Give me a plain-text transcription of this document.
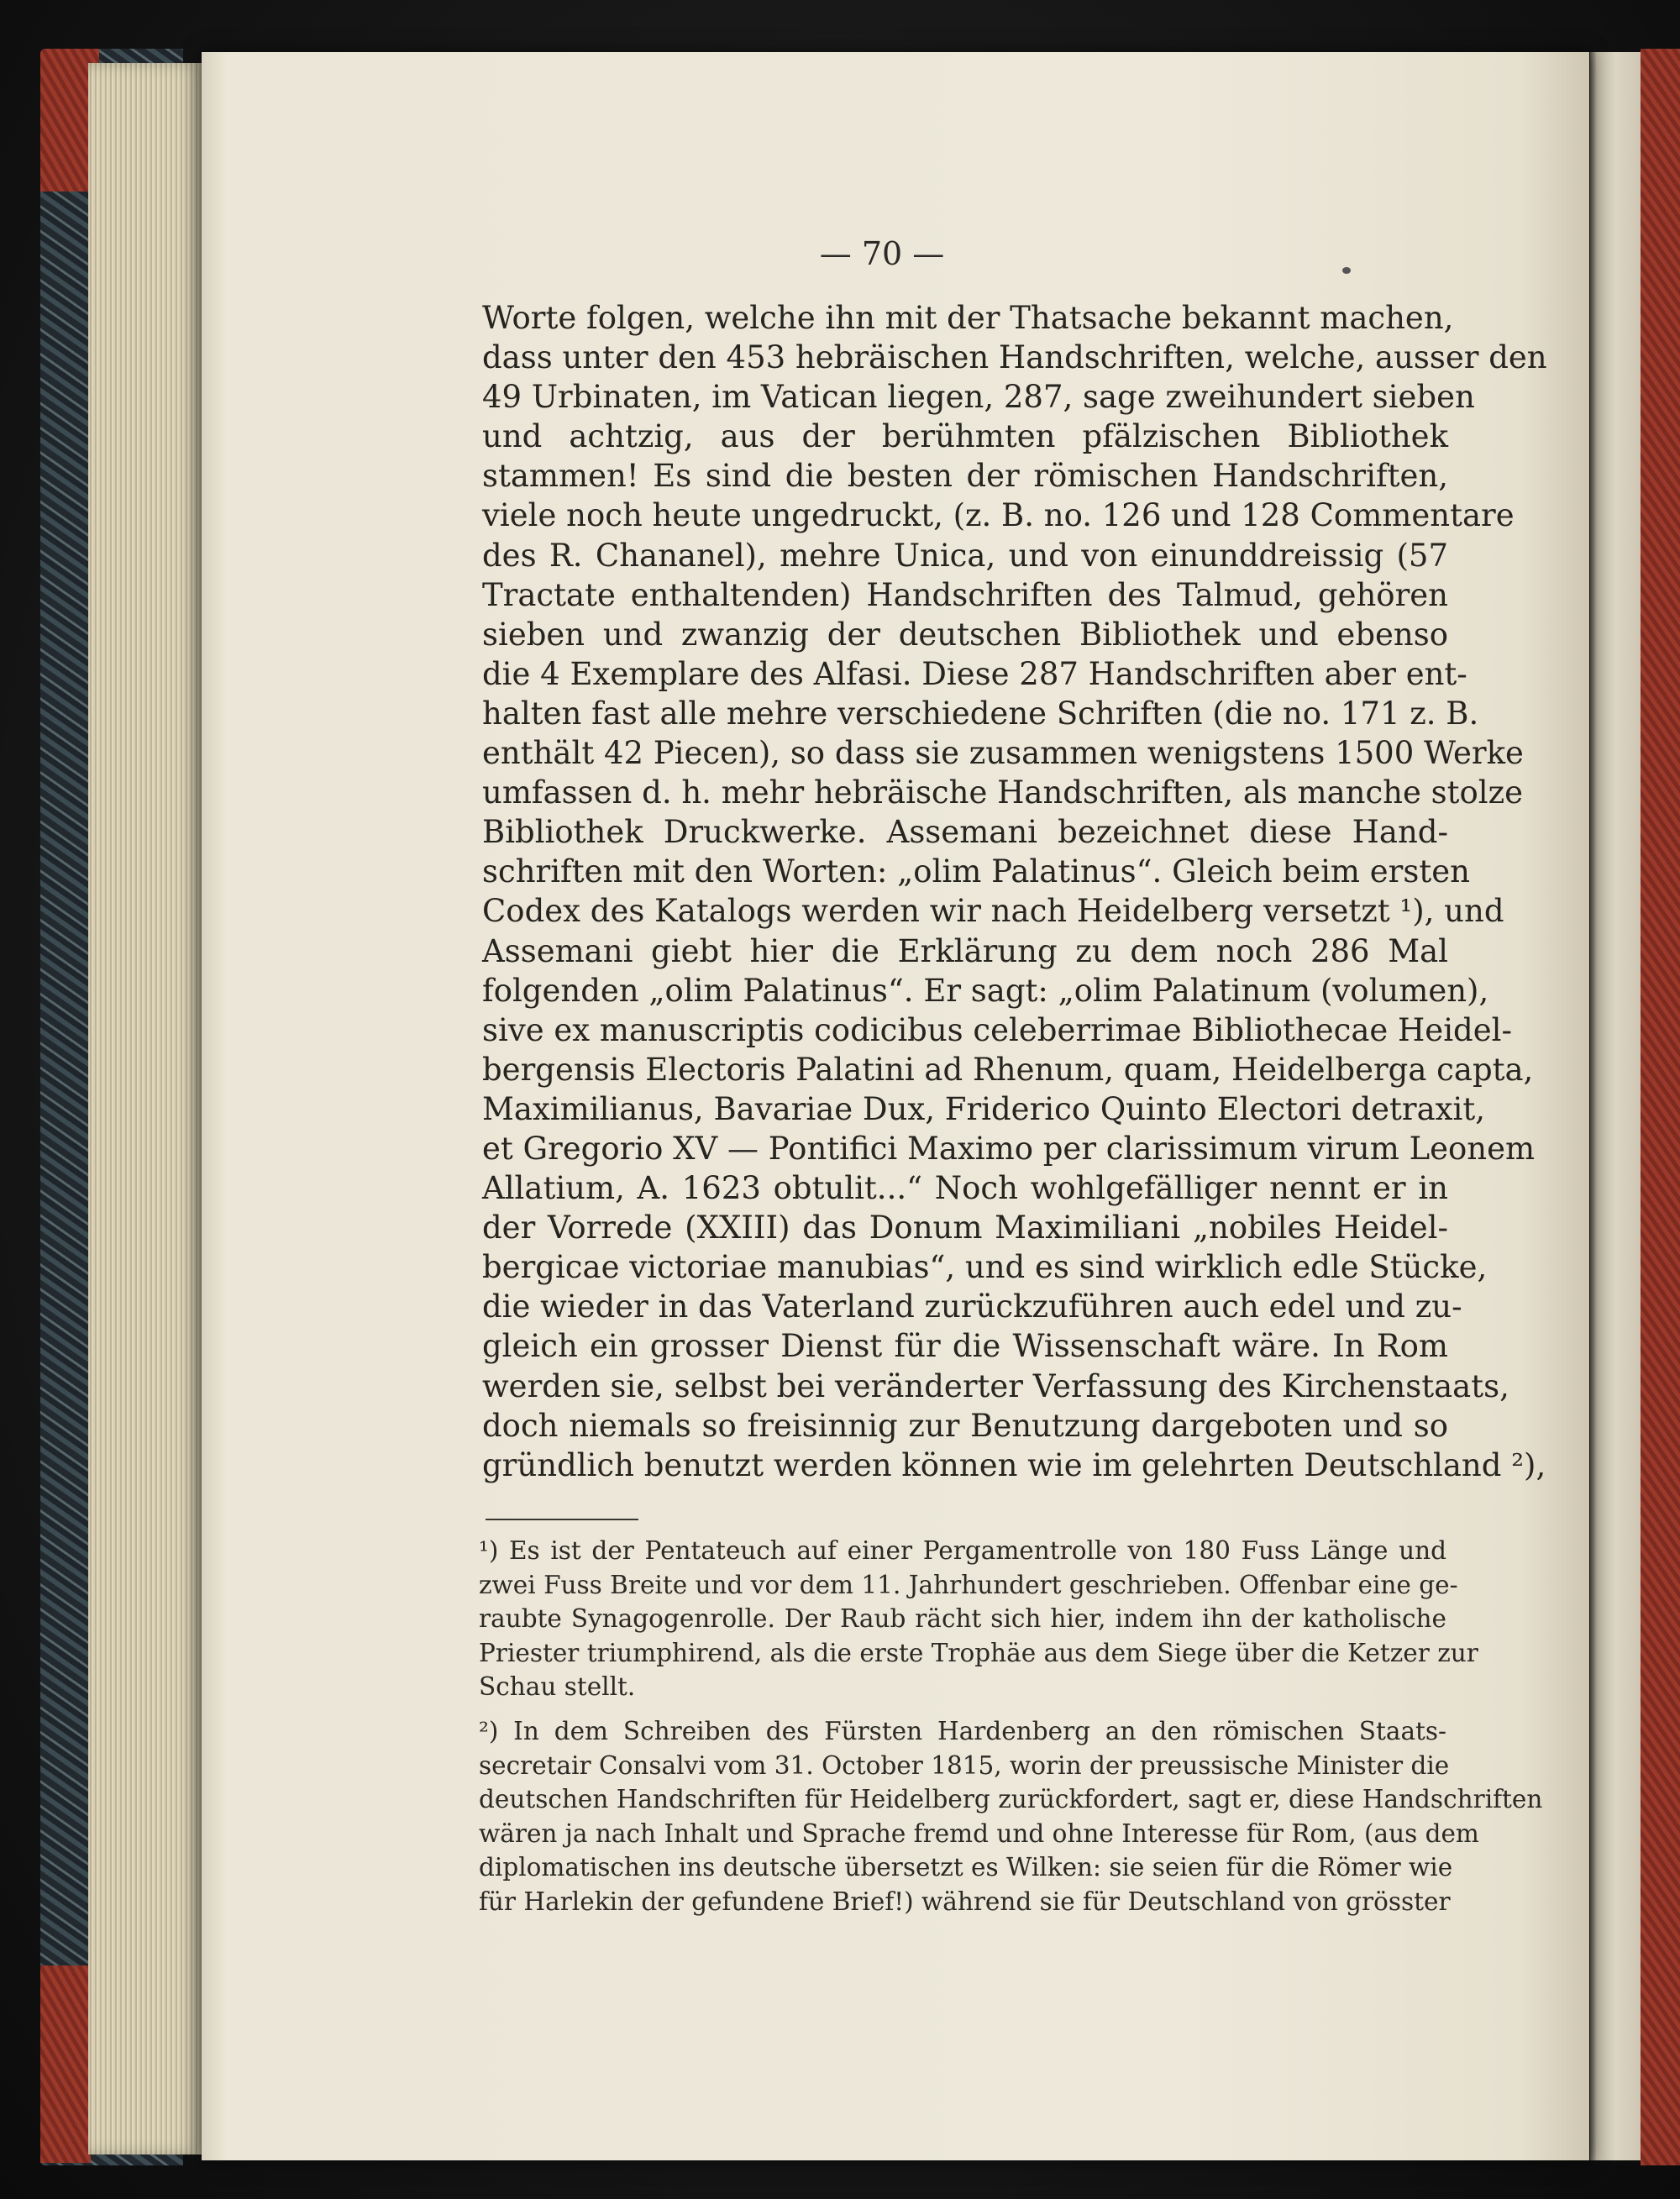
— 70 —
Worte folgen, welche ihn mit der Thatsache bekannt machen,
dass unter den 453 hebräischen Handschriften, welche, ausser den
49 Urbinaten, im Vatican liegen, 287, sage zweihundert sieben
und achtzig, aus der berühmten pfälzischen Bibliothek
stammen! Es sind die besten der römischen Handschriften,
viele noch heute ungedruckt, (z. B. no. 126 und 128 Commentare
des R. Chananel), mehre Unica, und von einunddreissig (57
Tractate enthaltenden) Handschriften des Talmud, gehören
sieben und zwanzig der deutschen Bibliothek und ebenso
die 4 Exemplare des Alfasi. Diese 287 Handschriften aber ent-
halten fast alle mehre verschiedene Schriften (die no. 171 z. B.
enthält 42 Piecen), so dass sie zusammen wenigstens 1500 Werke
umfassen d. h. mehr hebräische Handschriften, als manche stolze
Bibliothek Druckwerke. Assemani bezeichnet diese Hand-
schriften mit den Worten: „olim Palatinus“. Gleich beim ersten
Codex des Katalogs werden wir nach Heidelberg versetzt ¹), und
Assemani giebt hier die Erklärung zu dem noch 286 Mal
folgenden „olim Palatinus“. Er sagt: „olim Palatinum (volumen),
sive ex manuscriptis codicibus celeberrimae Bibliothecae Heidel-
bergensis Electoris Palatini ad Rhenum, quam, Heidelberga capta,
Maximilianus, Bavariae Dux, Friderico Quinto Electori detraxit,
et Gregorio XV — Pontifici Maximo per clarissimum virum Leonem
Allatium, A. 1623 obtulit...“ Noch wohlgefälliger nennt er in
der Vorrede (XXIII) das Donum Maximiliani „nobiles Heidel-
bergicae victoriae manubias“, und es sind wirklich edle Stücke,
die wieder in das Vaterland zurückzuführen auch edel und zu-
gleich ein grosser Dienst für die Wissenschaft wäre. In Rom
werden sie, selbst bei veränderter Verfassung des Kirchenstaats,
doch niemals so freisinnig zur Benutzung dargeboten und so
gründlich benutzt werden können wie im gelehrten Deutschland ²),
¹) Es ist der Pentateuch auf einer Pergamentrolle von 180 Fuss Länge und
zwei Fuss Breite und vor dem 11. Jahrhundert geschrieben. Offenbar eine ge-
raubte Synagogenrolle. Der Raub rächt sich hier, indem ihn der katholische
Priester triumphirend, als die erste Trophäe aus dem Siege über die Ketzer zur
Schau stellt.
²) In dem Schreiben des Fürsten Hardenberg an den römischen Staats-
secretair Consalvi vom 31. October 1815, worin der preussische Minister die
deutschen Handschriften für Heidelberg zurückfordert, sagt er, diese Handschriften
wären ja nach Inhalt und Sprache fremd und ohne Interesse für Rom, (aus dem
diplomatischen ins deutsche übersetzt es Wilken: sie seien für die Römer wie
für Harlekin der gefundene Brief!) während sie für Deutschland von grösster
